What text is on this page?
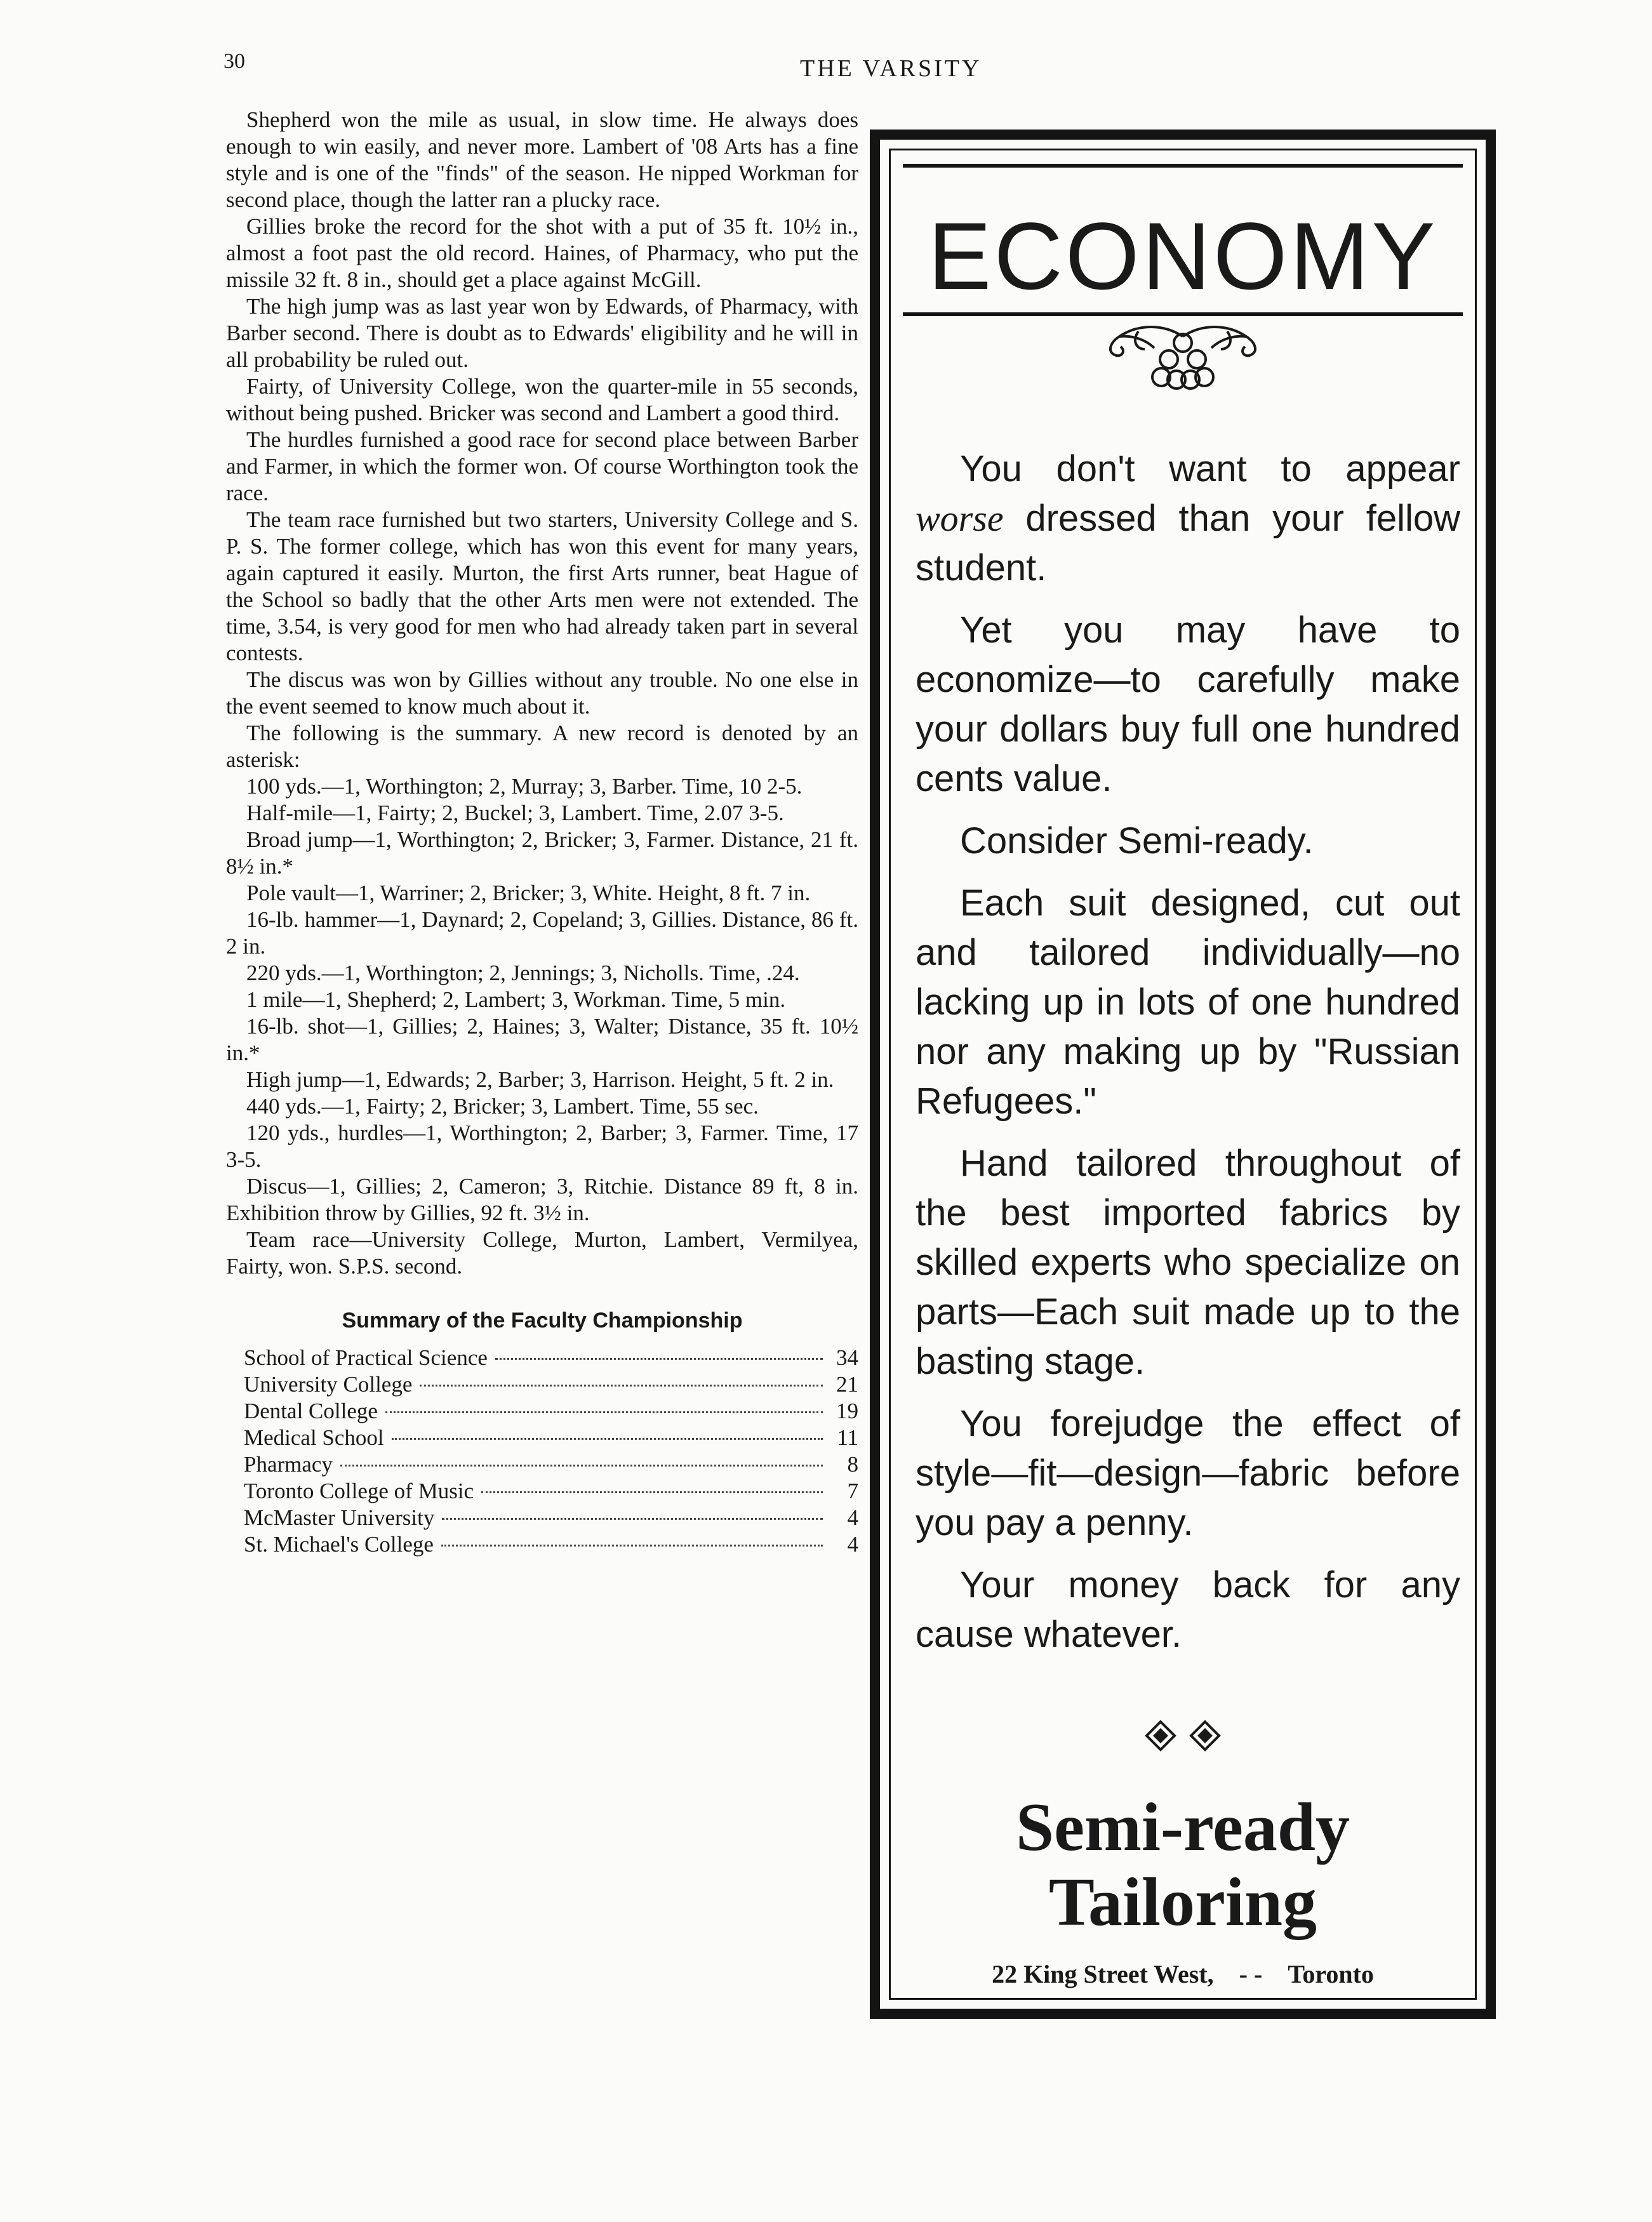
30	THE VARSITY

Shepherd won the mile as usual, in slow time. He always does enough to win easily, and never more. Lambert of '08 Arts has a fine style and is one of the "finds" of the season. He nipped Workman for second place, though the latter ran a plucky race.

Gillies broke the record for the shot with a put of 35 ft. 10½ in., almost a foot past the old record. Haines, of Pharmacy, who put the missile 32 ft. 8 in., should get a place against McGill.

The high jump was as last year won by Edwards, of Pharmacy, with Barber second. There is doubt as to Edwards' eligibility and he will in all probability be ruled out.

Fairty, of University College, won the quarter-mile in 55 seconds, without being pushed. Bricker was second and Lambert a good third.

The hurdles furnished a good race for second place between Barber and Farmer, in which the former won. Of course Worthington took the race.

The team race furnished but two starters, University College and S. P. S. The former college, which has won this event for many years, again captured it easily. Murton, the first Arts runner, beat Hague of the School so badly that the other Arts men were not extended. The time, 3.54, is very good for men who had already taken part in several contests.

The discus was won by Gillies without any trouble. No one else in the event seemed to know much about it.

The following is the summary. A new record is denoted by an asterisk:

100 yds.—1, Worthington; 2, Murray; 3, Barber. Time, 10 2-5.
Half-mile—1, Fairty; 2, Buckel; 3, Lambert. Time, 2.07 3-5.
Broad jump—1, Worthington; 2, Bricker; 3, Farmer. Distance, 21 ft. 8½ in.*
Pole vault—1, Warriner; 2, Bricker; 3, White. Height, 8 ft. 7 in.
16-lb. hammer—1, Daynard; 2, Copeland; 3, Gillies. Distance, 86 ft. 2 in.
220 yds.—1, Worthington; 2, Jennings; 3, Nicholls. Time, .24.
1 mile—1, Shepherd; 2, Lambert; 3, Workman. Time, 5 min.
16-lb. shot—1, Gillies; 2, Haines; 3, Walter; Distance, 35 ft. 10½ in.*
High jump—1, Edwards; 2, Barber; 3, Harrison. Height, 5 ft. 2 in.
440 yds.—1, Fairty; 2, Bricker; 3, Lambert. Time, 55 sec.
120 yds., hurdles—1, Worthington; 2, Barber; 3, Farmer. Time, 17 3-5.
Discus—1, Gillies; 2, Cameron; 3, Ritchie. Distance 89 ft, 8 in. Exhibition throw by Gillies, 92 ft. 3½ in.
Team race—University College, Murton, Lambert, Vermilyea, Fairty, won. S.P.S. second.
Summary of the Faculty Championship
School of Practical Science	34
University College	21
Dental College	19
Medical School	11
Pharmacy	8
Toronto College of Music	7
McMaster University	4
St. Michael's College	4
ECONOMY

You don't want to appear worse dressed than your fellow student.

Yet you may have to economize—to carefully make your dollars buy full one hundred cents value.

Consider Semi-ready.

Each suit designed, cut out and tailored individually—no lacking up in lots of one hundred nor any making up by "Russian Refugees."

Hand tailored throughout of the best imported fabrics by skilled experts who specialize on parts—Each suit made up to the basting stage.

You forejudge the effect of style—fit—design—fabric before you pay a penny.

Your money back for any cause whatever.

Semi-ready
Tailoring
22 King Street West, - - Toronto
